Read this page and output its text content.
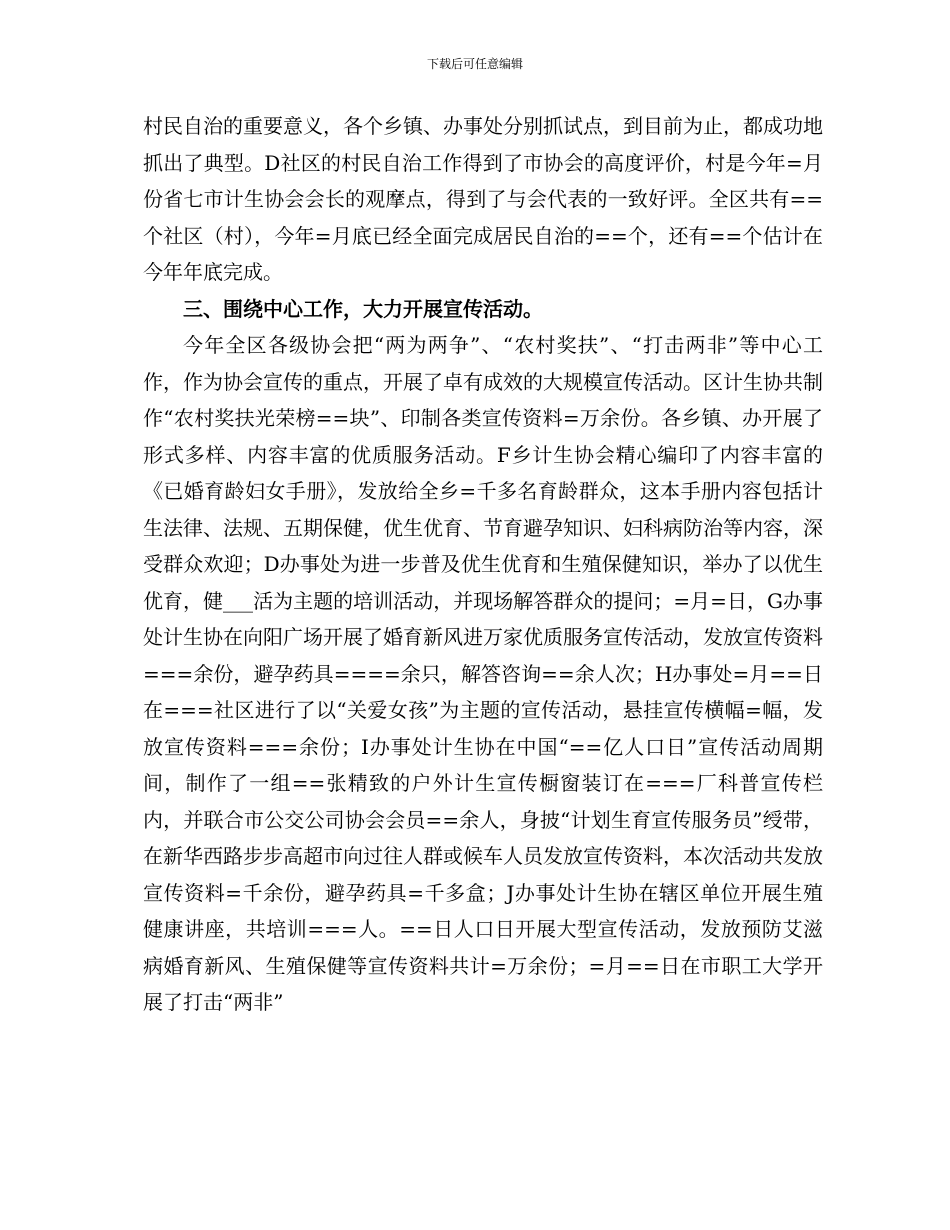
下载后可任意编辑

村民自治的重要意义，各个乡镇、办事处分别抓试点，到目前为止，都成功地抓出了典型。D社区的村民自治工作得到了市协会的高度评价，村是今年=月份省七市计生协会会长的观摩点，得到了与会代表的一致好评。全区共有==个社区（村），今年=月底已经全面完成居民自治的==个，还有==个估计在今年年底完成。

三、围绕中心工作，大力开展宣传活动。

今年全区各级协会把“两为两争”、“农村奖扶”、“打击两非”等中心工作，作为协会宣传的重点，开展了卓有成效的大规模宣传活动。区计生协共制作“农村奖扶光荣榜==块”、印制各类宣传资料=万余份。各乡镇、办开展了形式多样、内容丰富的优质服务活动。F乡计生协会精心编印了内容丰富的《已婚育龄妇女手册》，发放给全乡=千多名育龄群众，这本手册内容包括计生法律、法规、五期保健，优生优育、节育避孕知识、妇科病防治等内容，深受群众欢迎；D办事处为进一步普及优生优育和生殖保健知识，举办了以优生优育，健___活为主题的培训活动，并现场解答群众的提问；=月=日，G办事处计生协在向阳广场开展了婚育新风进万家优质服务宣传活动，发放宣传资料===余份，避孕药具====余只，解答咨询==余人次；H办事处=月==日在===社区进行了以“关爱女孩”为主题的宣传活动，悬挂宣传横幅=幅，发放宣传资料===余份；I办事处计生协在中国“==亿人口日”宣传活动周期间，制作了一组==张精致的户外计生宣传橱窗装订在===厂科普宣传栏内，并联合市公交公司协会会员==余人，身披“计划生育宣传服务员”绶带，在新华西路步步高超市向过往人群或候车人员发放宣传资料，本次活动共发放宣传资料=千余份，避孕药具=千多盒；J办事处计生协在辖区单位开展生殖健康讲座，共培训===人。==日人口日开展大型宣传活动，发放预防艾滋病婚育新风、生殖保健等宣传资料共计=万余份；=月==日在市职工大学开展了打击“两非”
